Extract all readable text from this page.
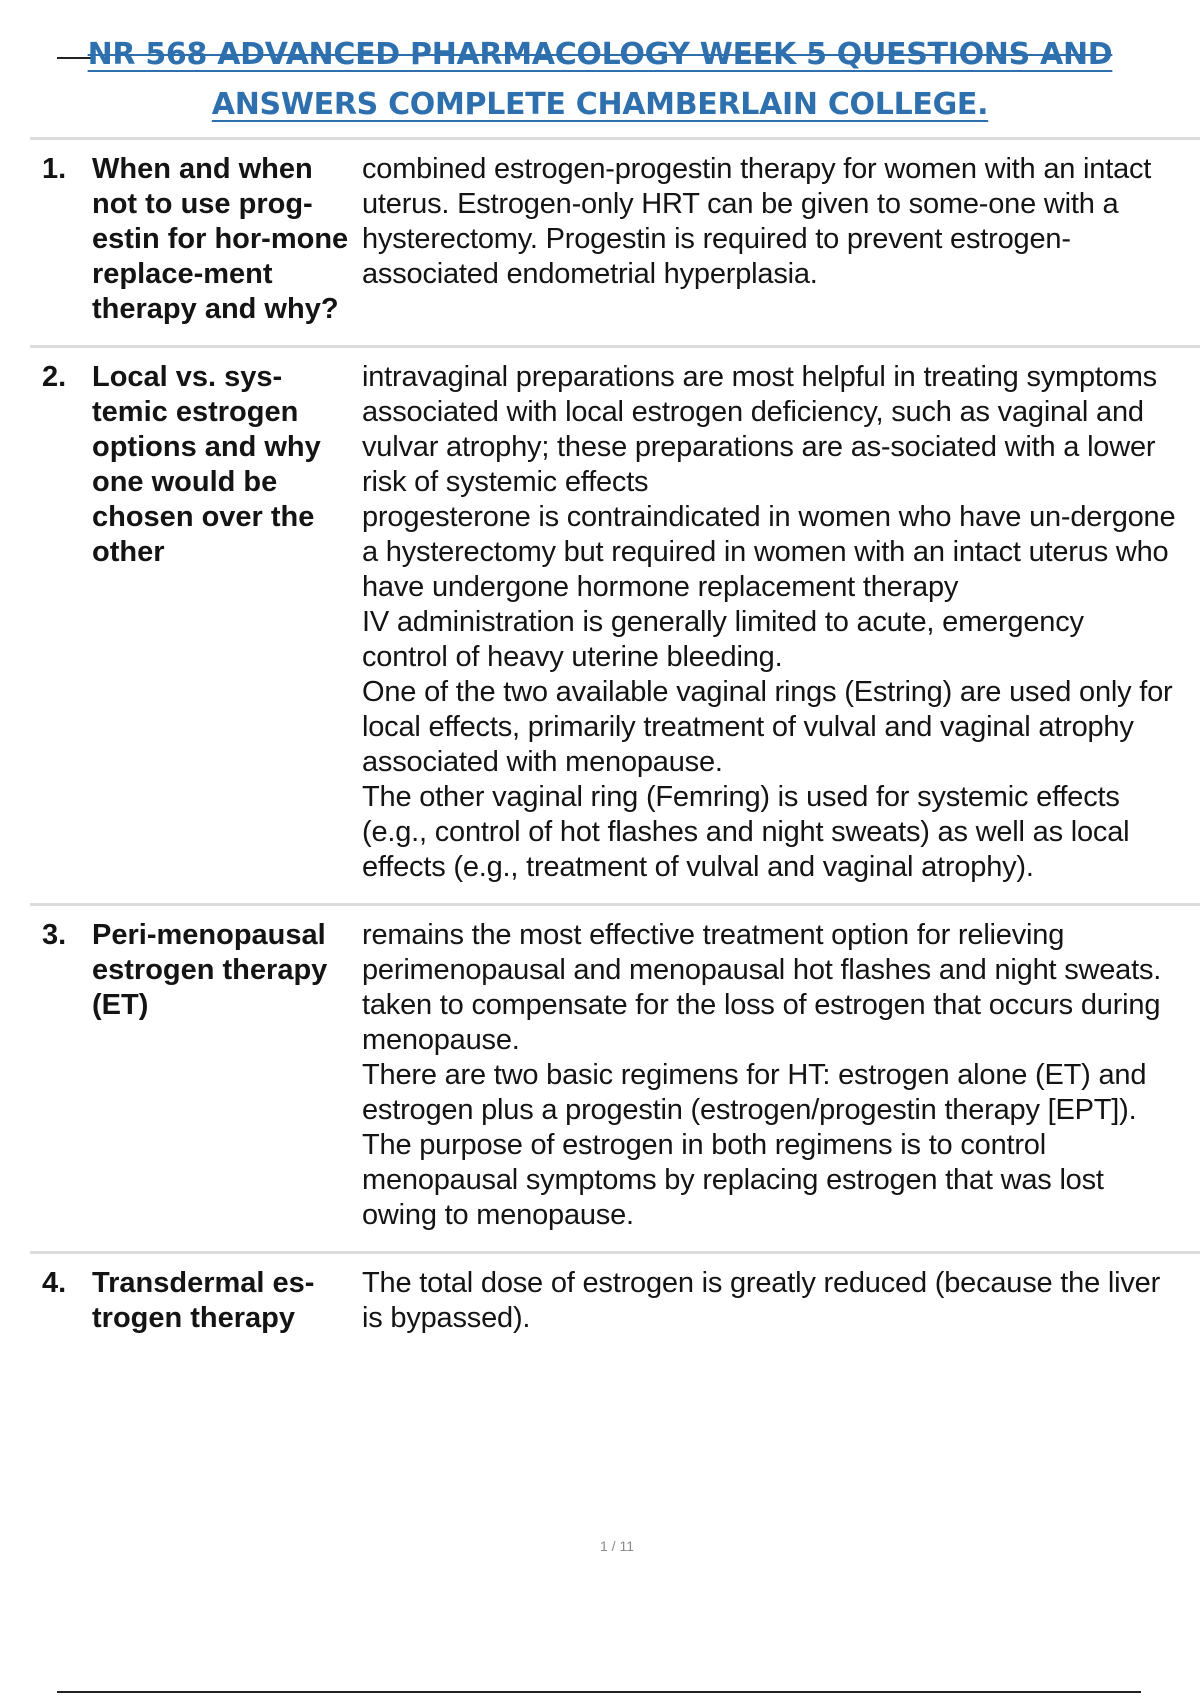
NR 568 ADVANCED PHARMACOLOGY WEEK 5 QUESTIONS AND
ANSWERS COMPLETE CHAMBERLAIN COLLEGE.
1. When and when not to use prog-estin for hor-mone replace-ment therapy and why?

combined estrogen-progestin therapy for women with an intact uterus. Estrogen-only HRT can be given to some-one with a hysterectomy. Progestin is required to prevent estrogen-associated endometrial hyperplasia.

2. Local vs. sys-temic estrogen options and why one would be chosen over the other

intravaginal preparations are most helpful in treating symptoms associated with local estrogen deficiency, such as vaginal and vulvar atrophy; these preparations are as-sociated with a lower risk of systemic effects

progesterone is contraindicated in women who have un-dergone a hysterectomy but required in women with an intact uterus who have undergone hormone replacement therapy

IV administration is generally limited to acute, emergency control of heavy uterine bleeding.

One of the two available vaginal rings (Estring) are used only for local effects, primarily treatment of vulval and vaginal atrophy associated with menopause.

The other vaginal ring (Femring) is used for systemic effects (e.g., control of hot flashes and night sweats) as well as local effects (e.g., treatment of vulval and vaginal atrophy).

3. Peri-menopausal estrogen therapy (ET)

remains the most effective treatment option for relieving perimenopausal and menopausal hot flashes and night sweats.

taken to compensate for the loss of estrogen that occurs during menopause.

There are two basic regimens for HT: estrogen alone (ET) and estrogen plus a progestin (estrogen/progestin therapy [EPT]).

The purpose of estrogen in both regimens is to control menopausal symptoms by replacing estrogen that was lost owing to menopause.

4. Transdermal es-trogen therapy

The total dose of estrogen is greatly reduced (because the liver is bypassed).

1 / 11
